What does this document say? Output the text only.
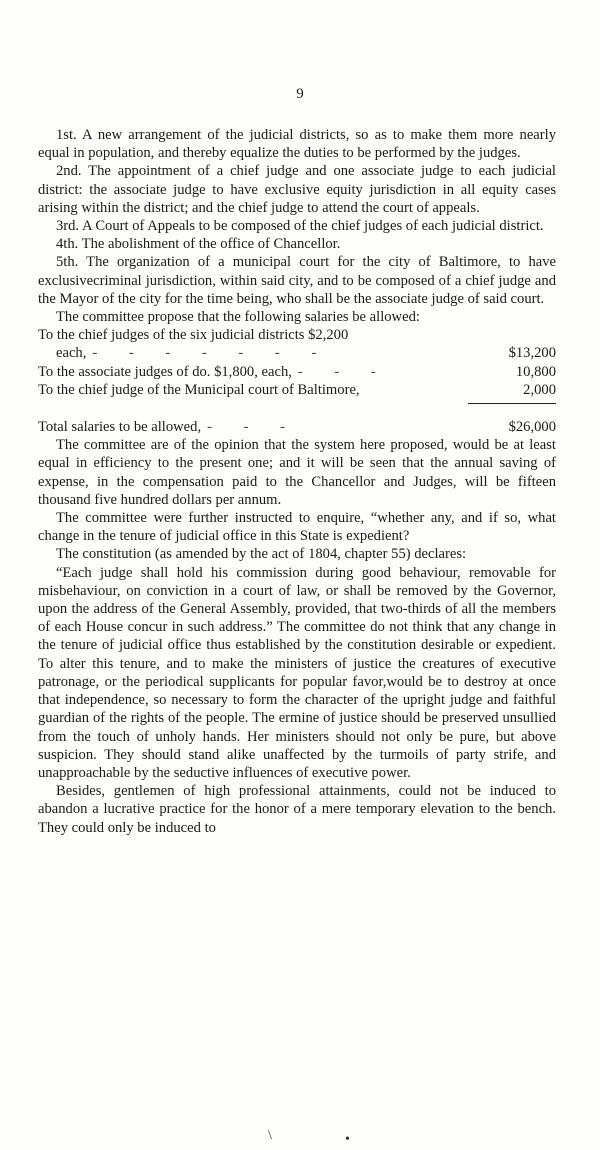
9

1st. A new arrangement of the judicial districts, so as to make them more nearly equal in population, and thereby equalize the duties to be performed by the judges.

2nd. The appointment of a chief judge and one associate judge to each judicial district: the associate judge to have exclusive equity jurisdiction in all equity cases arising within the district; and the chief judge to attend the court of appeals.

3rd. A Court of Appeals to be composed of the chief judges of each judicial district.

4th. The abolishment of the office of Chancellor.

5th. The organization of a municipal court for the city of Baltimore, to have exclusivecriminal jurisdiction, within said city, and to be composed of a chief judge and the Mayor of the city for the time being, who shall be the associate judge of said court.

The committee propose that the following salaries be allowed:

To the chief judges of the six judicial districts $2,200
each, - - - - - - -	$13,200
To the associate judges of do. $1,800, each, - - -	10,800
To the chief judge of the Municipal court of Baltimore,	2,000
Total salaries to be allowed, - - -	$26,000

The committee are of the opinion that the system here proposed, would be at least equal in efficiency to the present one; and it will be seen that the annual saving of expense, in the compensation paid to the Chancellor and Judges, will be fifteen thousand five hundred dollars per annum.

The committee were further instructed to enquire, “whether any, and if so, what change in the tenure of judicial office in this State is expedient?

The constitution (as amended by the act of 1804, chapter 55) declares:

“Each judge shall hold his commission during good behaviour, removable for misbehaviour, on conviction in a court of law, or shall be removed by the Governor, upon the address of the General Assembly, provided, that two-thirds of all the members of each House concur in such address.” The committee do not think that any change in the tenure of judicial office thus established by the constitution desirable or expedient. To alter this tenure, and to make the ministers of justice the creatures of executive patronage, or the periodical supplicants for popular favor,would be to destroy at once that independence, so necessary to form the character of the upright judge and faithful guardian of the rights of the people. The ermine of justice should be preserved unsullied from the touch of unholy hands. Her ministers should not only be pure, but above suspicion. They should stand alike unaffected by the turmoils of party strife, and unapproachable by the seductive influences of executive power.

Besides, gentlemen of high professional attainments, could not be induced to abandon a lucrative practice for the honor of a mere temporary elevation to the bench. They could only be induced to

\	•
